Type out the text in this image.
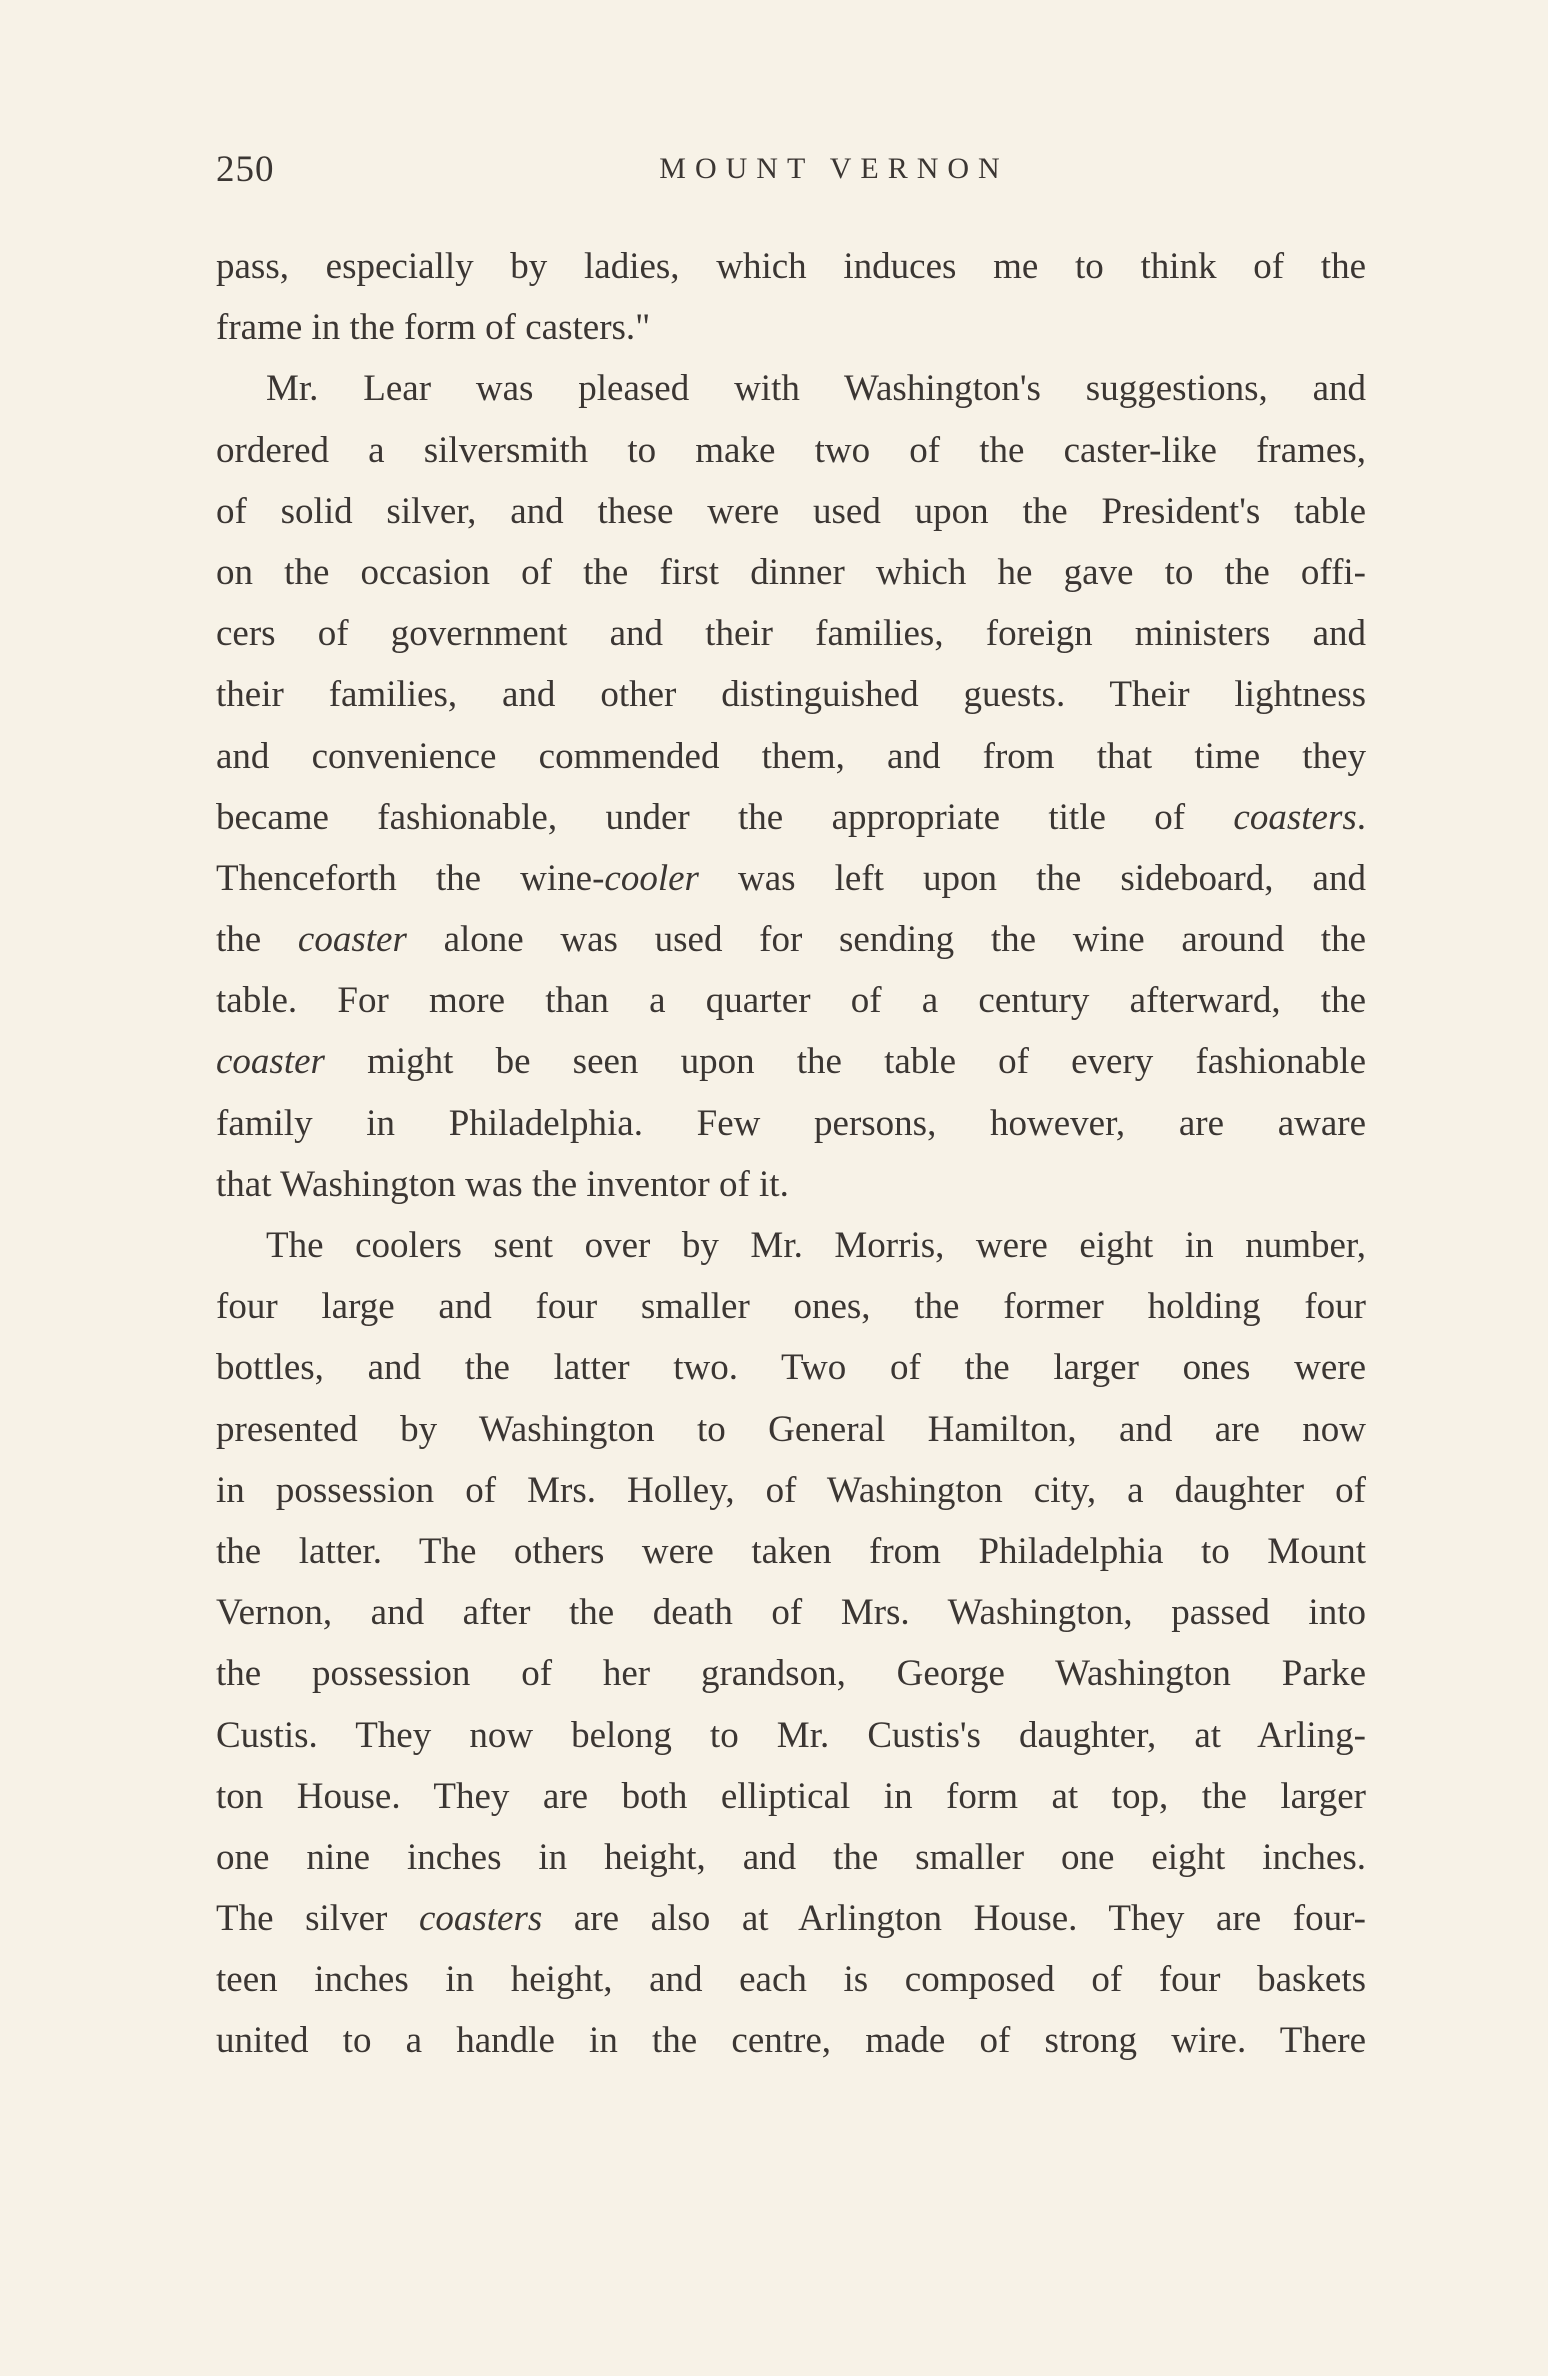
250	MOUNT VERNON
pass, especially by ladies, which induces me to think of the
frame in the form of casters."
Mr. Lear was pleased with Washington's suggestions, and
ordered a silversmith to make two of the caster-like frames,
of solid silver, and these were used upon the President's table
on the occasion of the first dinner which he gave to the offi-
cers of government and their families, foreign ministers and
their families, and other distinguished guests. Their lightness
and convenience commended them, and from that time they
became fashionable, under the appropriate title of coasters.
Thenceforth the wine-cooler was left upon the sideboard, and
the coaster alone was used for sending the wine around the
table. For more than a quarter of a century afterward, the
coaster might be seen upon the table of every fashionable
family in Philadelphia. Few persons, however, are aware
that Washington was the inventor of it.
The coolers sent over by Mr. Morris, were eight in number,
four large and four smaller ones, the former holding four
bottles, and the latter two. Two of the larger ones were
presented by Washington to General Hamilton, and are now
in possession of Mrs. Holley, of Washington city, a daughter of
the latter. The others were taken from Philadelphia to Mount
Vernon, and after the death of Mrs. Washington, passed into
the possession of her grandson, George Washington Parke
Custis. They now belong to Mr. Custis's daughter, at Arling-
ton House. They are both elliptical in form at top, the larger
one nine inches in height, and the smaller one eight inches.
The silver coasters are also at Arlington House. They are four-
teen inches in height, and each is composed of four baskets
united to a handle in the centre, made of strong wire. There
